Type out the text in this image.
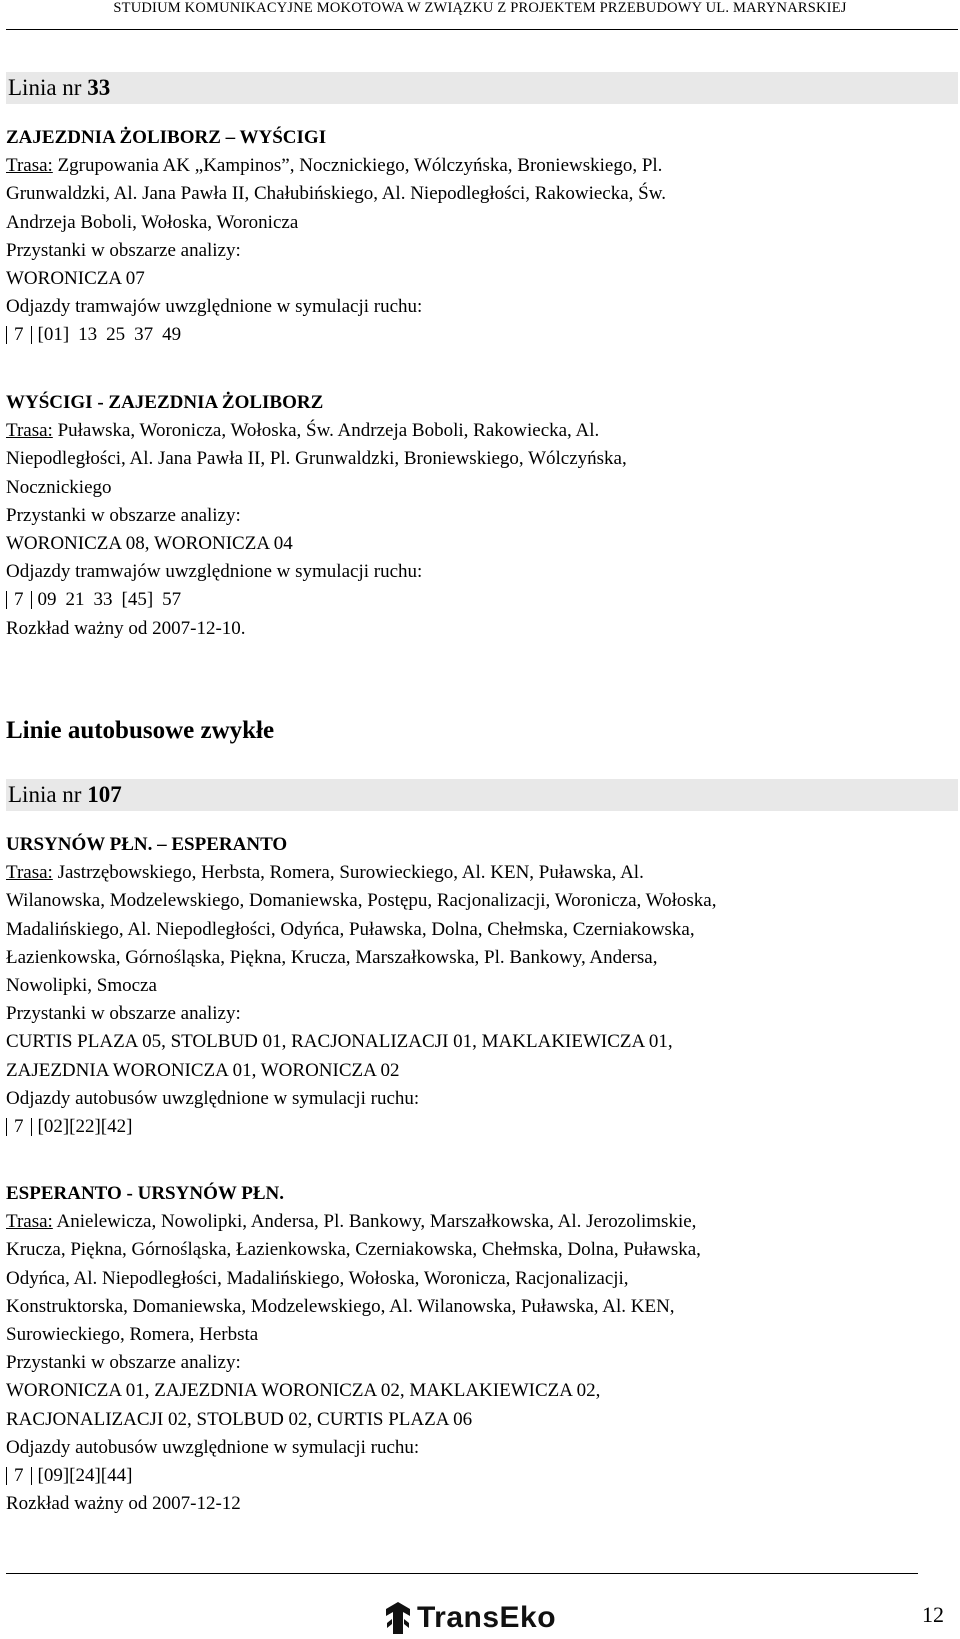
STUDIUM KOMUNIKACYJNE MOKOTOWA W ZWIĄZKU Z PROJEKTEM PRZEBUDOWY UL. MARYNARSKIEJ
Linia nr 33
ZAJEZDNIA ŻOLIBORZ – WYŚCIGI
Trasa: Zgrupowania AK „Kampinos”, Nocznickiego, Wólczyńska, Broniewskiego, Pl.
Grunwaldzki, Al. Jana Pawła II, Chałubińskiego, Al. Niepodległości, Rakowiecka, Św.
Andrzeja Boboli, Wołoska, Woronicza
Przystanki w obszarze analizy:
WORONICZA 07
Odjazdy tramwajów uwzględnione w symulacji ruchu:
7 [01] 13 25 37 49
WYŚCIGI - ZAJEZDNIA ŻOLIBORZ
Trasa: Puławska, Woronicza, Wołoska, Św. Andrzeja Boboli, Rakowiecka, Al.
Niepodległości, Al. Jana Pawła II, Pl. Grunwaldzki, Broniewskiego, Wólczyńska,
Nocznickiego
Przystanki w obszarze analizy:
WORONICZA 08, WORONICZA 04
Odjazdy tramwajów uwzględnione w symulacji ruchu:
7 09 21 33 [45] 57
Rozkład ważny od 2007-12-10.
Linie autobusowe zwykłe
Linia nr 107
URSYNÓW PŁN. – ESPERANTO
Trasa: Jastrzębowskiego, Herbsta, Romera, Surowieckiego, Al. KEN, Puławska, Al.
Wilanowska, Modzelewskiego, Domaniewska, Postępu, Racjonalizacji, Woronicza, Wołoska,
Madalińskiego, Al. Niepodległości, Odyńca, Puławska, Dolna, Chełmska, Czerniakowska,
Łazienkowska, Górnośląska, Piękna, Krucza, Marszałkowska, Pl. Bankowy, Andersa,
Nowolipki, Smocza
Przystanki w obszarze analizy:
CURTIS PLAZA 05, STOLBUD 01, RACJONALIZACJI 01, MAKLAKIEWICZA 01,
ZAJEZDNIA WORONICZA 01, WORONICZA 02
Odjazdy autobusów uwzględnione w symulacji ruchu:
7 [02][22][42]
ESPERANTO - URSYNÓW PŁN.
Trasa: Anielewicza, Nowolipki, Andersa, Pl. Bankowy, Marszałkowska, Al. Jerozolimskie,
Krucza, Piękna, Górnośląska, Łazienkowska, Czerniakowska, Chełmska, Dolna, Puławska,
Odyńca, Al. Niepodległości, Madalińskiego, Wołoska, Woronicza, Racjonalizacji,
Konstruktorska, Domaniewska, Modzelewskiego, Al. Wilanowska, Puławska, Al. KEN,
Surowieckiego, Romera, Herbsta
Przystanki w obszarze analizy:
WORONICZA 01, ZAJEZDNIA WORONICZA 02, MAKLAKIEWICZA 02,
RACJONALIZACJI 02, STOLBUD 02, CURTIS PLAZA 06
Odjazdy autobusów uwzględnione w symulacji ruchu:
7 [09][24][44]
Rozkład ważny od 2007-12-12
TransEko	12
